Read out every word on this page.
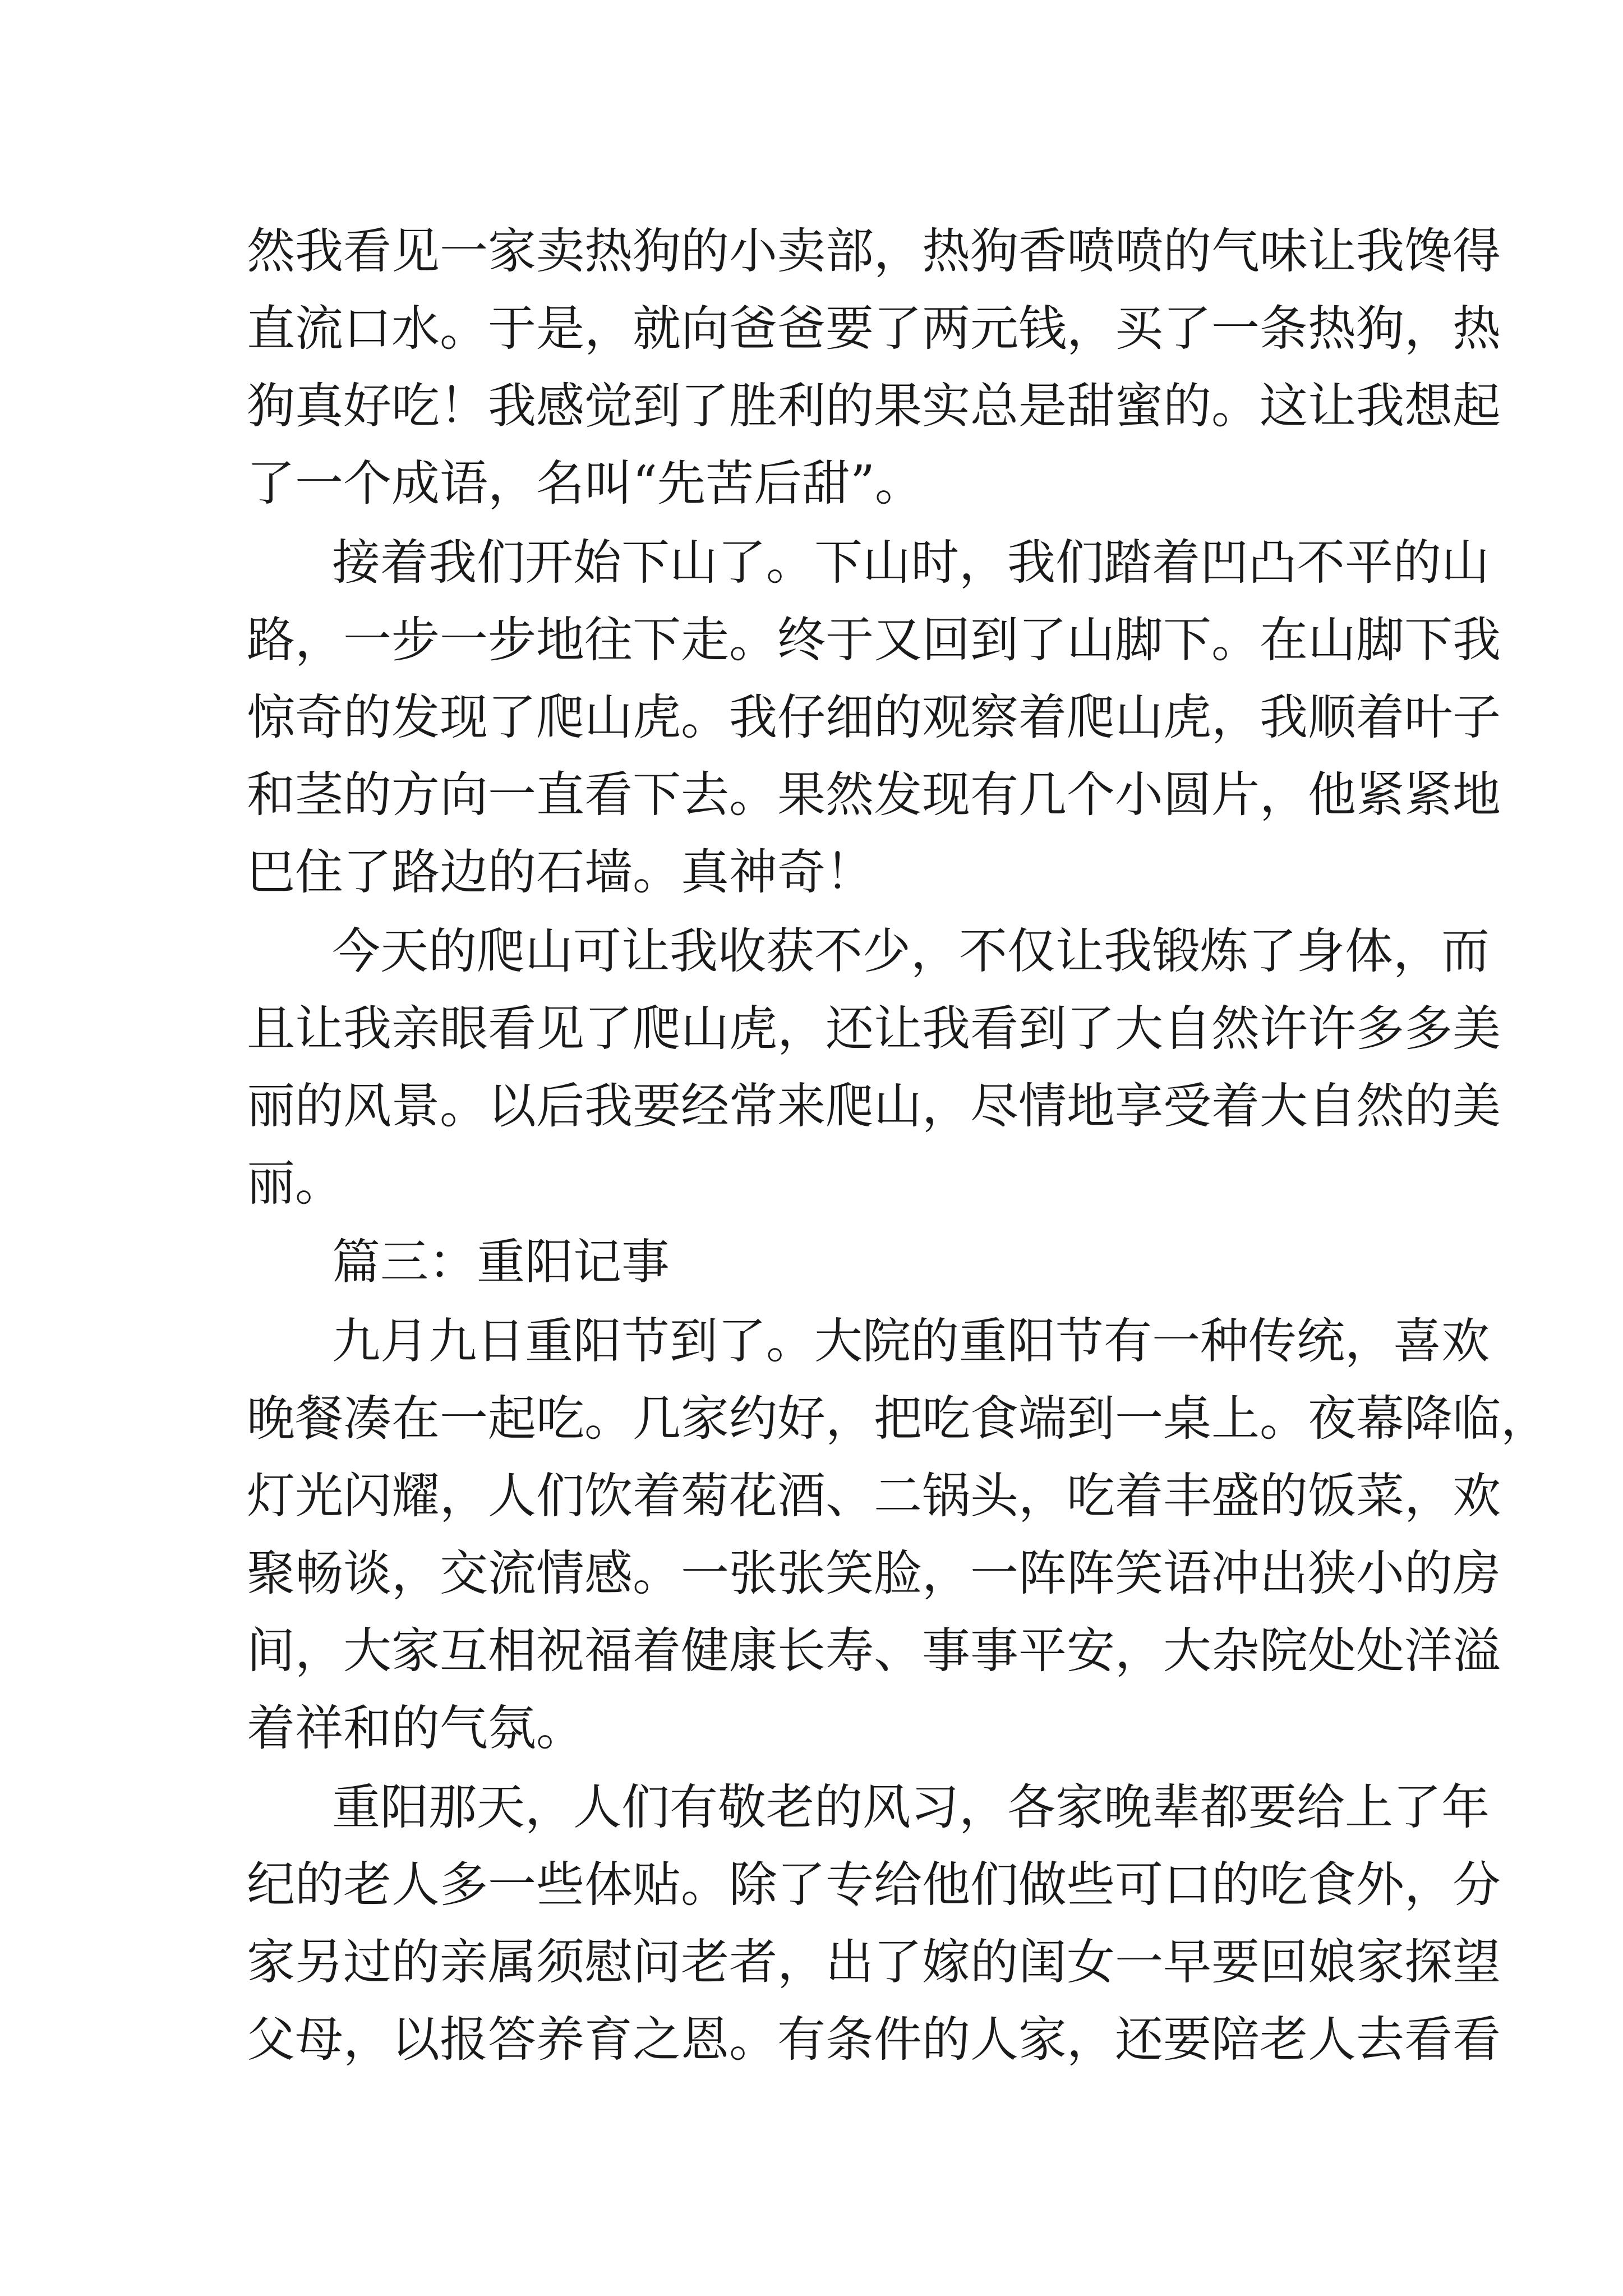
然我看见一家卖热狗的小卖部，热狗香喷喷的气味让我馋得
直流口水。于是，就向爸爸要了两元钱，买了一条热狗，热
狗真好吃！我感觉到了胜利的果实总是甜蜜的。这让我想起
了一个成语，名叫“先苦后甜”。
接着我们开始下山了。下山时，我们踏着凹凸不平的山
路，一步一步地往下走。终于又回到了山脚下。在山脚下我
惊奇的发现了爬山虎。我仔细的观察着爬山虎，我顺着叶子
和茎的方向一直看下去。果然发现有几个小圆片，他紧紧地
巴住了路边的石墙。真神奇！
今天的爬山可让我收获不少，不仅让我锻炼了身体，而
且让我亲眼看见了爬山虎，还让我看到了大自然许许多多美
丽的风景。以后我要经常来爬山，尽情地享受着大自然的美
丽。
篇三：重阳记事
九月九日重阳节到了。大院的重阳节有一种传统，喜欢
晚餐凑在一起吃。几家约好，把吃食端到一桌上。夜幕降临，
灯光闪耀，人们饮着菊花酒、二锅头，吃着丰盛的饭菜，欢
聚畅谈，交流情感。一张张笑脸，一阵阵笑语冲出狭小的房
间，大家互相祝福着健康长寿、事事平安，大杂院处处洋溢
着祥和的气氛。
重阳那天，人们有敬老的风习，各家晚辈都要给上了年
纪的老人多一些体贴。除了专给他们做些可口的吃食外，分
家另过的亲属须慰问老者，出了嫁的闺女一早要回娘家探望
父母，以报答养育之恩。有条件的人家，还要陪老人去看看
